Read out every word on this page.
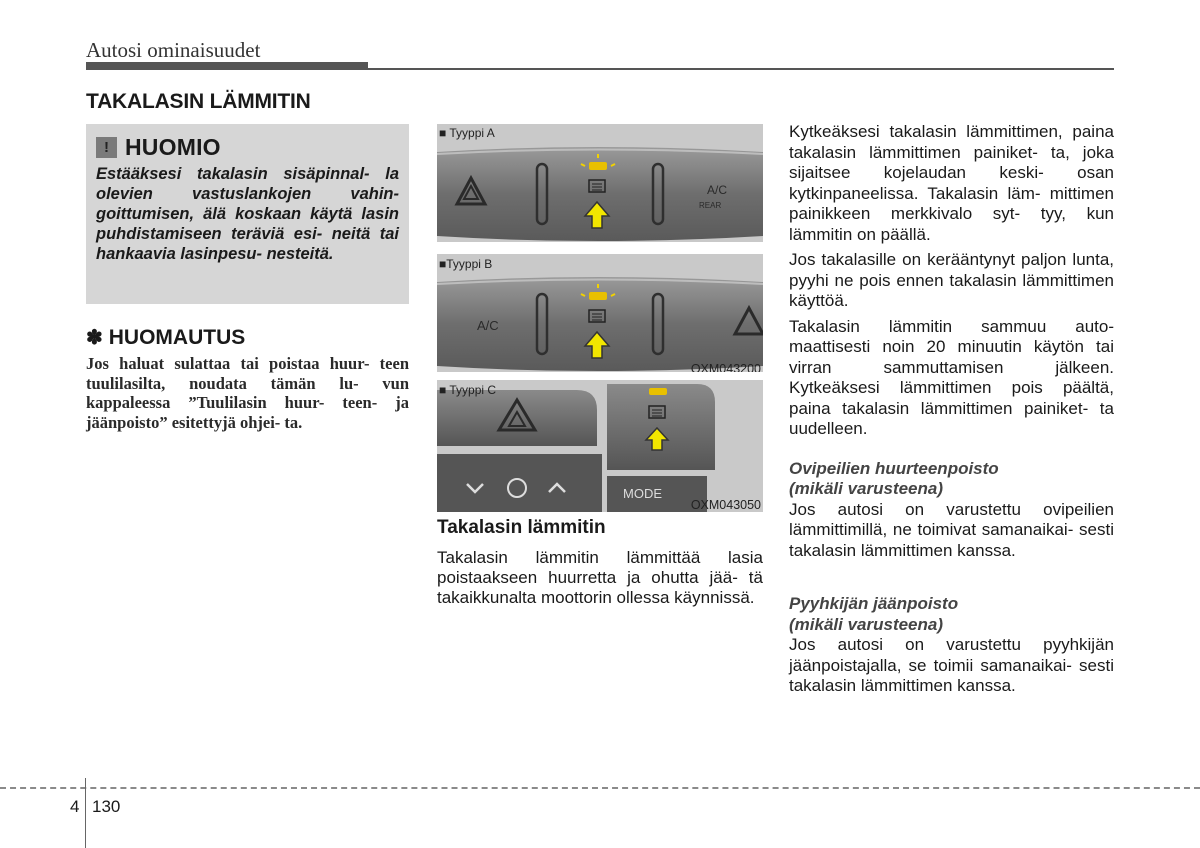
Autosi ominaisuudet
TAKALASIN LÄMMITIN
! HUOMIO
Estääksesi takalasin sisäpinnal- la olevien vastuslankojen vahin- goittumisen, älä koskaan käytä lasin puhdistamiseen teräviä esi- neitä tai hankaavia lasinpesu- nesteitä.
✽ HUOMAUTUS
Jos haluat sulattaa tai poistaa huur- teen tuulilasilta, noudata tämän lu- vun kappaleessa ”Tuulilasin huur- teen- ja jäänpoisto” esitettyjä ohjei- ta.
■ Tyyppi A
A/C
REAR
A/C
■Tyyppi B
OXM043200
MODE
■ Tyyppi C
OXM043050
Takalasin lämmitin
Takalasin lämmitin lämmittää lasia poistaakseen huurretta ja ohutta jää- tä takaikkunalta moottorin ollessa käynnissä.

Kytkeäksesi takalasin lämmittimen, paina takalasin lämmittimen painiket- ta, joka sijaitsee kojelaudan keski- osan kytkinpaneelissa. Takalasin läm- mittimen painikkeen merkkivalo syt- tyy, kun lämmitin on päällä.

Jos takalasille on kerääntynyt paljon lunta, pyyhi ne pois ennen takalasin lämmittimen käyttöä.

Takalasin lämmitin sammuu auto- maattisesti noin 20 minuutin käytön tai virran sammuttamisen jälkeen. Kytkeäksesi lämmittimen pois päältä, paina takalasin lämmittimen painiket- ta uudelleen.

Ovipeilien huurteenpoisto
(mikäli varusteena)

Jos autosi on varustettu ovipeilien lämmittimillä, ne toimivat samanaikai- sesti takalasin lämmittimen kanssa.

Pyyhkijän jäänpoisto
(mikäli varusteena)

Jos autosi on varustettu pyyhkijän jäänpoistajalla, se toimii samanaikai- sesti takalasin lämmittimen kanssa.

4 130
